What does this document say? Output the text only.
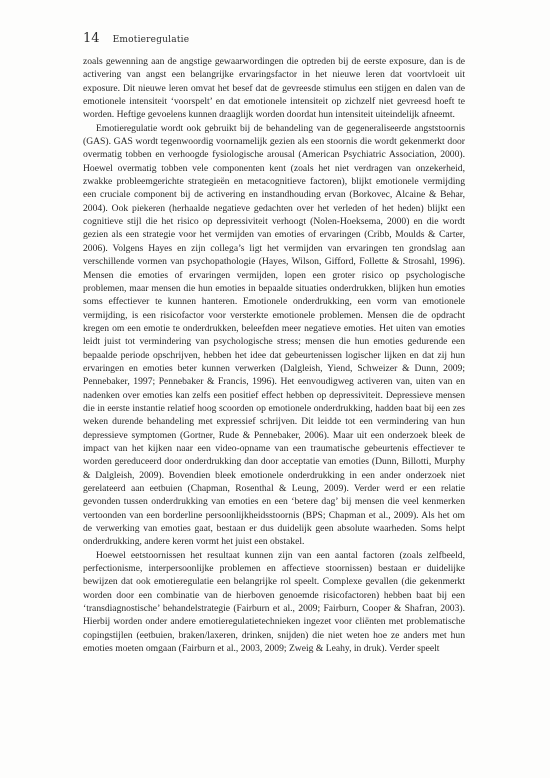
14 Emotieregulatie

zoals gewenning aan de angstige gewaarwordingen die optreden bij de eerste exposure, dan is de activering van angst een belangrijke ervaringsfactor in het nieuwe leren dat voortvloeit uit exposure. Dit nieuwe leren omvat het besef dat de gevreesde stimulus een stijgen en dalen van de emotionele intensiteit ‘voorspelt’ en dat emotionele intensiteit op zichzelf niet gevreesd hoeft te worden. Heftige gevoelens kunnen draaglijk worden doordat hun intensiteit uiteindelijk afneemt.

Emotieregulatie wordt ook gebruikt bij de behandeling van de gegeneraliseerde angststoornis (GAS). GAS wordt tegenwoordig voornamelijk gezien als een stoornis die wordt gekenmerkt door overmatig tobben en verhoogde fysiologische arousal (American Psychiatric Association, 2000). Hoewel overmatig tobben vele componenten kent (zoals het niet verdragen van onzekerheid, zwakke probleemgerichte strategieën en metacognitieve factoren), blijkt emotionele vermijding een cruciale component bij de activering en instandhouding ervan (Borkovec, Alcaine & Behar, 2004). Ook piekeren (herhaalde negatieve gedachten over het verleden of het heden) blijkt een cognitieve stijl die het risico op depressiviteit verhoogt (Nolen-Hoeksema, 2000) en die wordt gezien als een strategie voor het vermijden van emoties of ervaringen (Cribb, Moulds & Carter, 2006). Volgens Hayes en zijn collega’s ligt het vermijden van ervaringen ten grondslag aan verschillende vormen van psychopathologie (Hayes, Wilson, Gifford, Follette & Strosahl, 1996). Mensen die emoties of ervaringen vermijden, lopen een groter risico op psychologische problemen, maar mensen die hun emoties in bepaalde situaties onderdrukken, blijken hun emoties soms effectiever te kunnen hanteren. Emotionele onderdrukking, een vorm van emotionele vermijding, is een risicofactor voor versterkte emotionele problemen. Mensen die de opdracht kregen om een emotie te onderdrukken, beleefden meer negatieve emoties. Het uiten van emoties leidt juist tot vermindering van psychologische stress; mensen die hun emoties gedurende een bepaalde periode opschrijven, hebben het idee dat gebeurtenissen logischer lijken en dat zij hun ervaringen en emoties beter kunnen verwerken (Dalgleish, Yiend, Schweizer & Dunn, 2009; Pennebaker, 1997; Pennebaker & Francis, 1996). Het eenvoudigweg activeren van, uiten van en nadenken over emoties kan zelfs een positief effect hebben op depressiviteit. Depressieve mensen die in eerste instantie relatief hoog scoorden op emotionele onderdrukking, hadden baat bij een zes weken durende behandeling met expressief schrijven. Dit leidde tot een vermindering van hun depressieve symptomen (Gortner, Rude & Pennebaker, 2006). Maar uit een onderzoek bleek de impact van het kijken naar een video-opname van een traumatische gebeurtenis effectiever te worden gereduceerd door onderdrukking dan door acceptatie van emoties (Dunn, Billotti, Murphy & Dalgleish, 2009). Bovendien bleek emotionele onderdrukking in een ander onderzoek niet gerelateerd aan eetbuien (Chapman, Rosenthal & Leung, 2009). Verder werd er een relatie gevonden tussen onderdrukking van emoties en een ‘betere dag’ bij mensen die veel kenmerken vertoonden van een borderline persoonlijkheidsstoornis (BPS; Chapman et al., 2009). Als het om de verwerking van emoties gaat, bestaan er dus duidelijk geen absolute waarheden. Soms helpt onderdrukking, andere keren vormt het juist een obstakel.

Hoewel eetstoornissen het resultaat kunnen zijn van een aantal factoren (zoals zelfbeeld, perfectionisme, interpersoonlijke problemen en affectieve stoornissen) bestaan er duidelijke bewijzen dat ook emotieregulatie een belangrijke rol speelt. Complexe gevallen (die gekenmerkt worden door een combinatie van de hierboven genoemde risicofactoren) hebben baat bij een ‘transdiagnostische’ behandelstrategie (Fairburn et al., 2009; Fairburn, Cooper & Shafran, 2003). Hierbij worden onder andere emotieregulatietechnieken ingezet voor cliënten met problematische copingstijlen (eetbuien, braken/laxeren, drinken, snijden) die niet weten hoe ze anders met hun emoties moeten omgaan (Fairburn et al., 2003, 2009; Zweig & Leahy, in druk). Verder speelt
